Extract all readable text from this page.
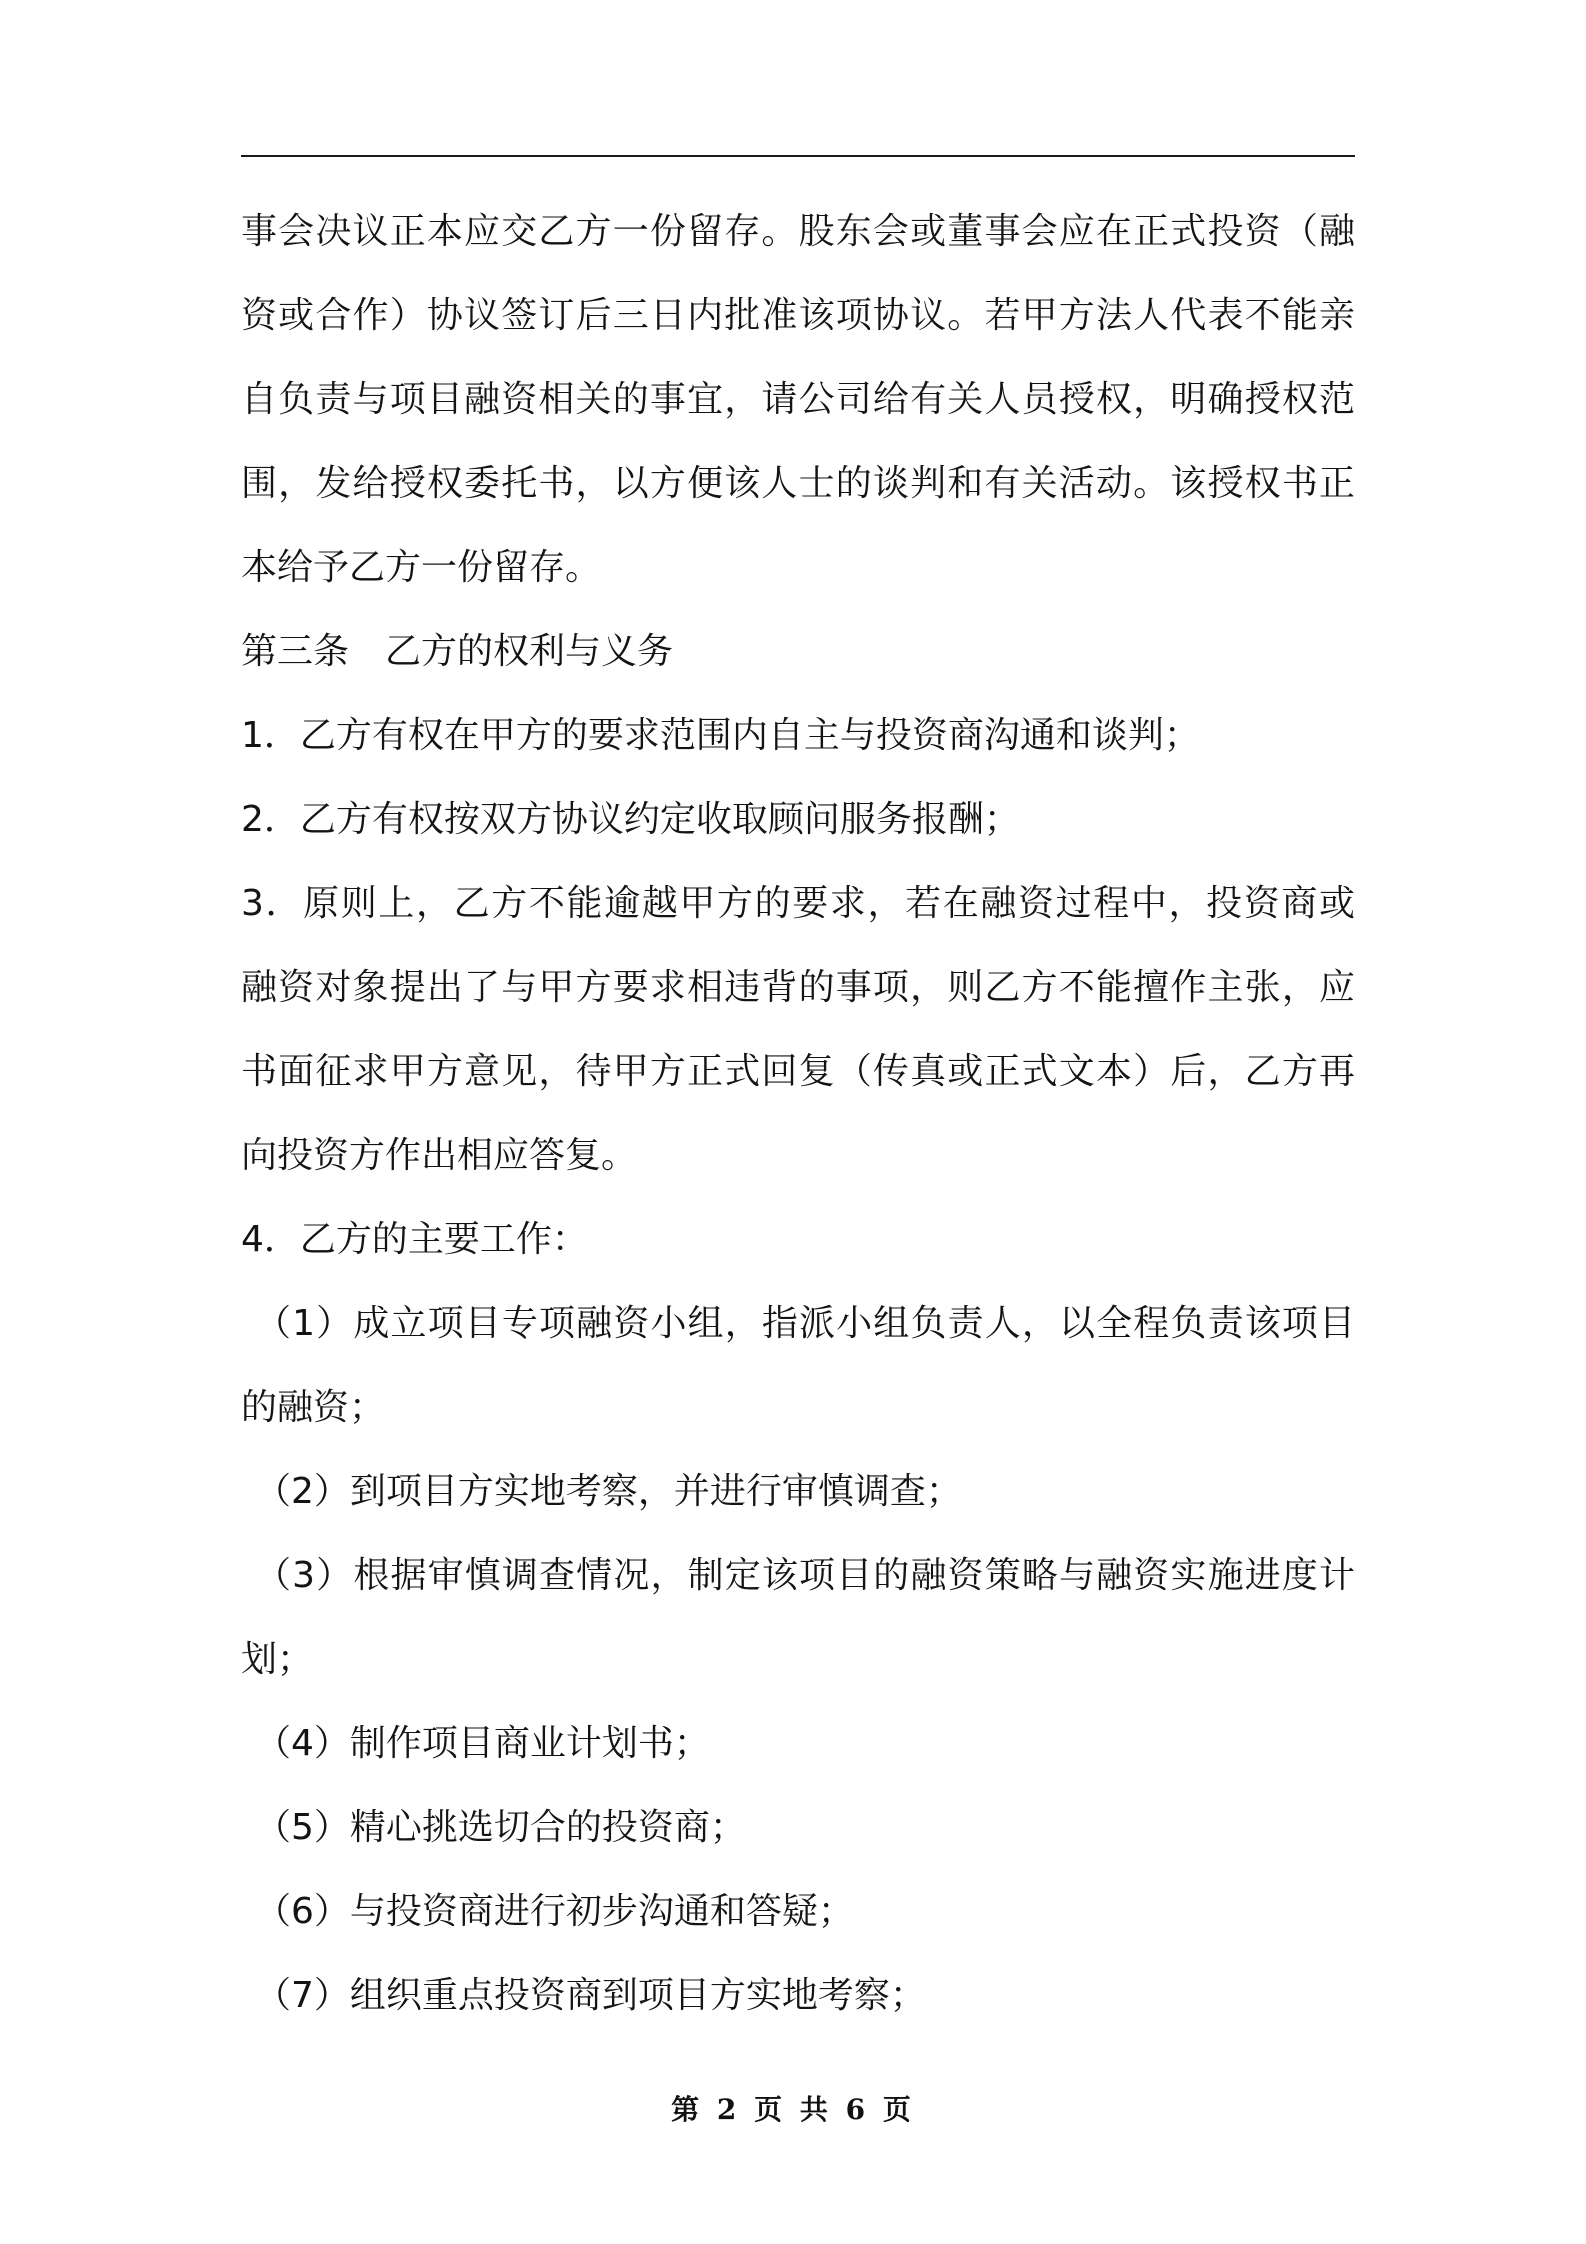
事会决议正本应交乙方一份留存。股东会或董事会应在正式投资（融
资或合作）协议签订后三日内批准该项协议。若甲方法人代表不能亲
自负责与项目融资相关的事宜，请公司给有关人员授权，明确授权范
围，发给授权委托书，以方便该人士的谈判和有关活动。该授权书正
本给予乙方一份留存。
第三条　乙方的权利与义务
1．乙方有权在甲方的要求范围内自主与投资商沟通和谈判；
2．乙方有权按双方协议约定收取顾问服务报酬；
3．原则上，乙方不能逾越甲方的要求，若在融资过程中，投资商或
融资对象提出了与甲方要求相违背的事项，则乙方不能擅作主张，应
书面征求甲方意见，待甲方正式回复（传真或正式文本）后，乙方再
向投资方作出相应答复。
4．乙方的主要工作：
（1）成立项目专项融资小组，指派小组负责人，以全程负责该项目
的融资；
（2）到项目方实地考察，并进行审慎调查；
（3）根据审慎调查情况，制定该项目的融资策略与融资实施进度计
划；
（4）制作项目商业计划书；
（5）精心挑选切合的投资商；
（6）与投资商进行初步沟通和答疑；
（7）组织重点投资商到项目方实地考察；
第 2 页 共 6 页
